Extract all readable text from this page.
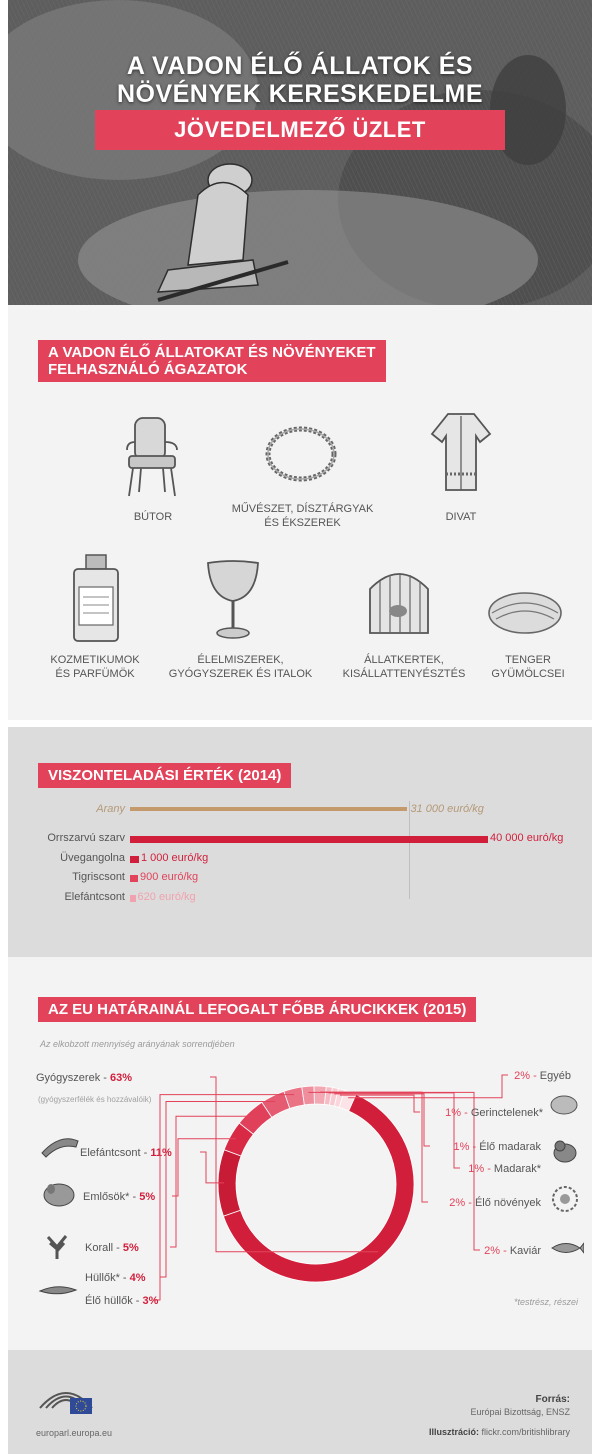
A VADON ÉLŐ ÁLLATOK ÉS
NÖVÉNYEK KERESKEDELME
JÖVEDELMEZŐ ÜZLET
A VADON ÉLŐ ÁLLATOKAT ÉS NÖVÉNYEKET
FELHASZNÁLÓ ÁGAZATOK
BÚTOR
MŰVÉSZET, DÍSZTÁRGYAK
ÉS ÉKSZEREK	DIVAT
KOZMETIKUMOK
ÉS PARFÜMÖK
ÉLELMISZEREK,
GYÓGYSZEREK ÉS ITALOK
ÁLLATKERTEK,
KISÁLLATTENYÉSZTÉS
TENGER
GYÜMÖLCSEI
VISZONTELADÁSI ÉRTÉK (2014)
Arany	31 000 euró/kg
Orrszarvú szarv	40 000 euró/kg
Üvegangolna 1 000 euró/kg
Tigriscsont 900 euró/kg
Elefántcsont 620 euró/kg
AZ EU HATÁRAINÁL LEFOGALT FŐBB ÁRUCIKKEK (2015)
Az elkobzott mennyiség arányának sorrendjében
(gyógyszerfélék és hozzávalóik)
*testrész, részei
Gyógyszerek - 63%
Elefántcsont - 11%
Emlősök* - 5%
Korall - 5%
Hüllők* - 4%
Élő hüllők - 3%
2% - Kaviár
2% - Élő növények
1% - Madarak*
1% - Élő madarak
1% - Gerinctelenek*
2% - Egyéb
europarl.europa.eu
Forrás:
Európai Bizottság, ENSZ
Illusztráció: flickr.com/britishlibrary
